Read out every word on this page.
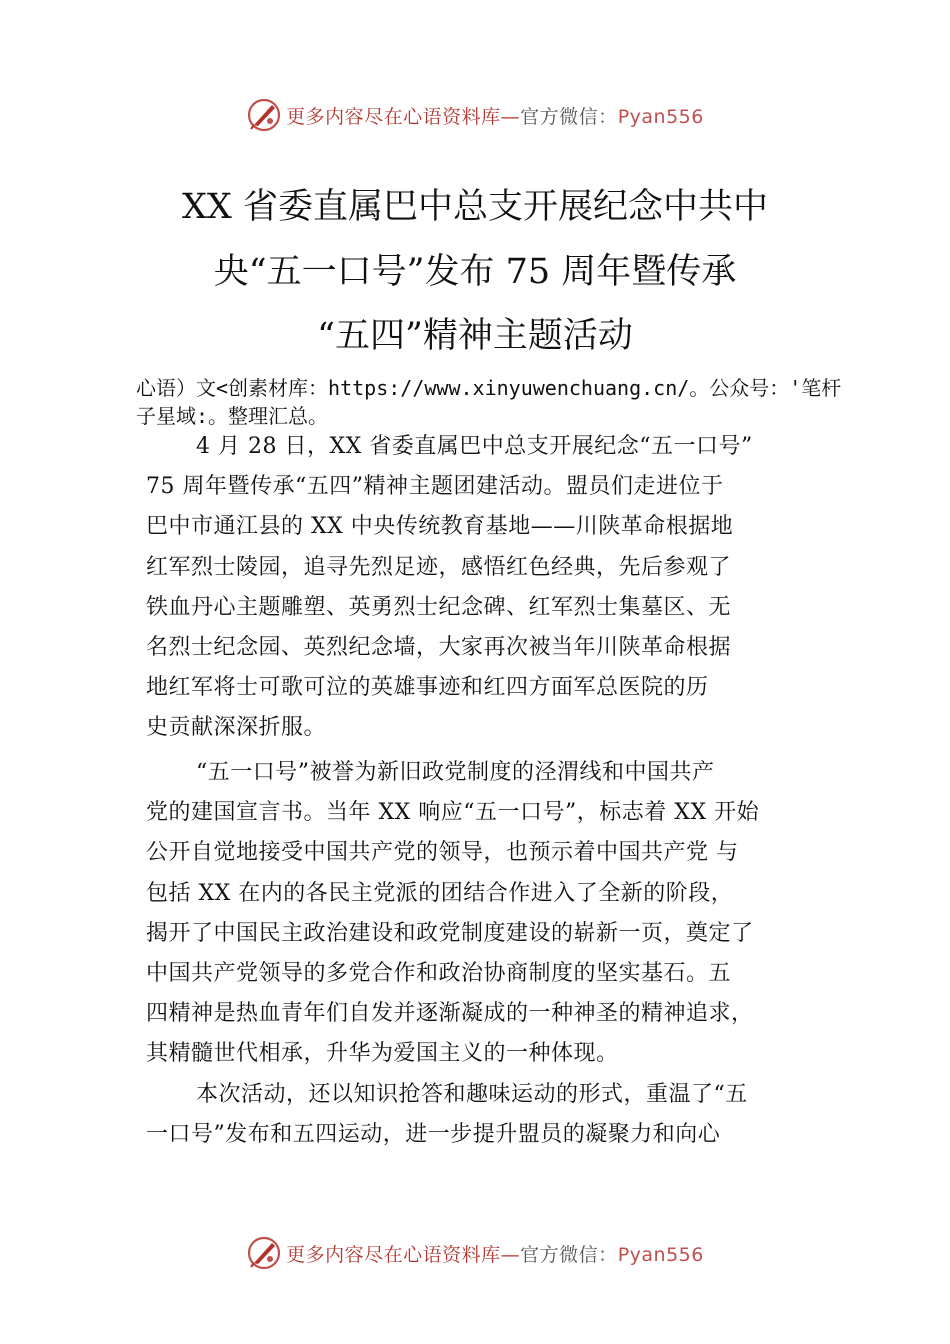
更多内容尽在心语资料库—官方微信：Pyan556
XX 省委直属巴中总支开展纪念中共中
央“五一口号”发布 75 周年暨传承
“五四”精神主题活动
心语）文<创素材库：https://www.xinyuwenchuang.cn/。公众号：'笔杆子星域:。整理汇总。
4 月 28 日，XX 省委直属巴中总支开展纪念“五一口号”
75 周年暨传承“五四”精神主题团建活动。盟员们走进位于
巴中市通江县的 XX 中央传统教育基地——川陕革命根据地
红军烈士陵园，追寻先烈足迹，感悟红色经典，先后参观了
铁血丹心主题雕塑、英勇烈士纪念碑、红军烈士集墓区、无
名烈士纪念园、英烈纪念墙，大家再次被当年川陕革命根据
地红军将士可歌可泣的英雄事迹和红四方面军总医院的历
史贡献深深折服。
“五一口号”被誉为新旧政党制度的泾渭线和中国共产
党的建国宣言书。当年 XX 响应“五一口号”，标志着 XX 开始
公开自觉地接受中国共产党的领导，也预示着中国共产党 与
包括 XX 在内的各民主党派的团结合作进入了全新的阶段，
揭开了中国民主政治建设和政党制度建设的崭新一页，奠定了
中国共产党领导的多党合作和政治协商制度的坚实基石。五
四精神是热血青年们自发并逐渐凝成的一种神圣的精神追求，
其精髓世代相承，升华为爱国主义的一种体现。
本次活动，还以知识抢答和趣味运动的形式，重温了“五
一口号”发布和五四运动，进一步提升盟员的凝聚力和向心
更多内容尽在心语资料库—官方微信：Pyan556
